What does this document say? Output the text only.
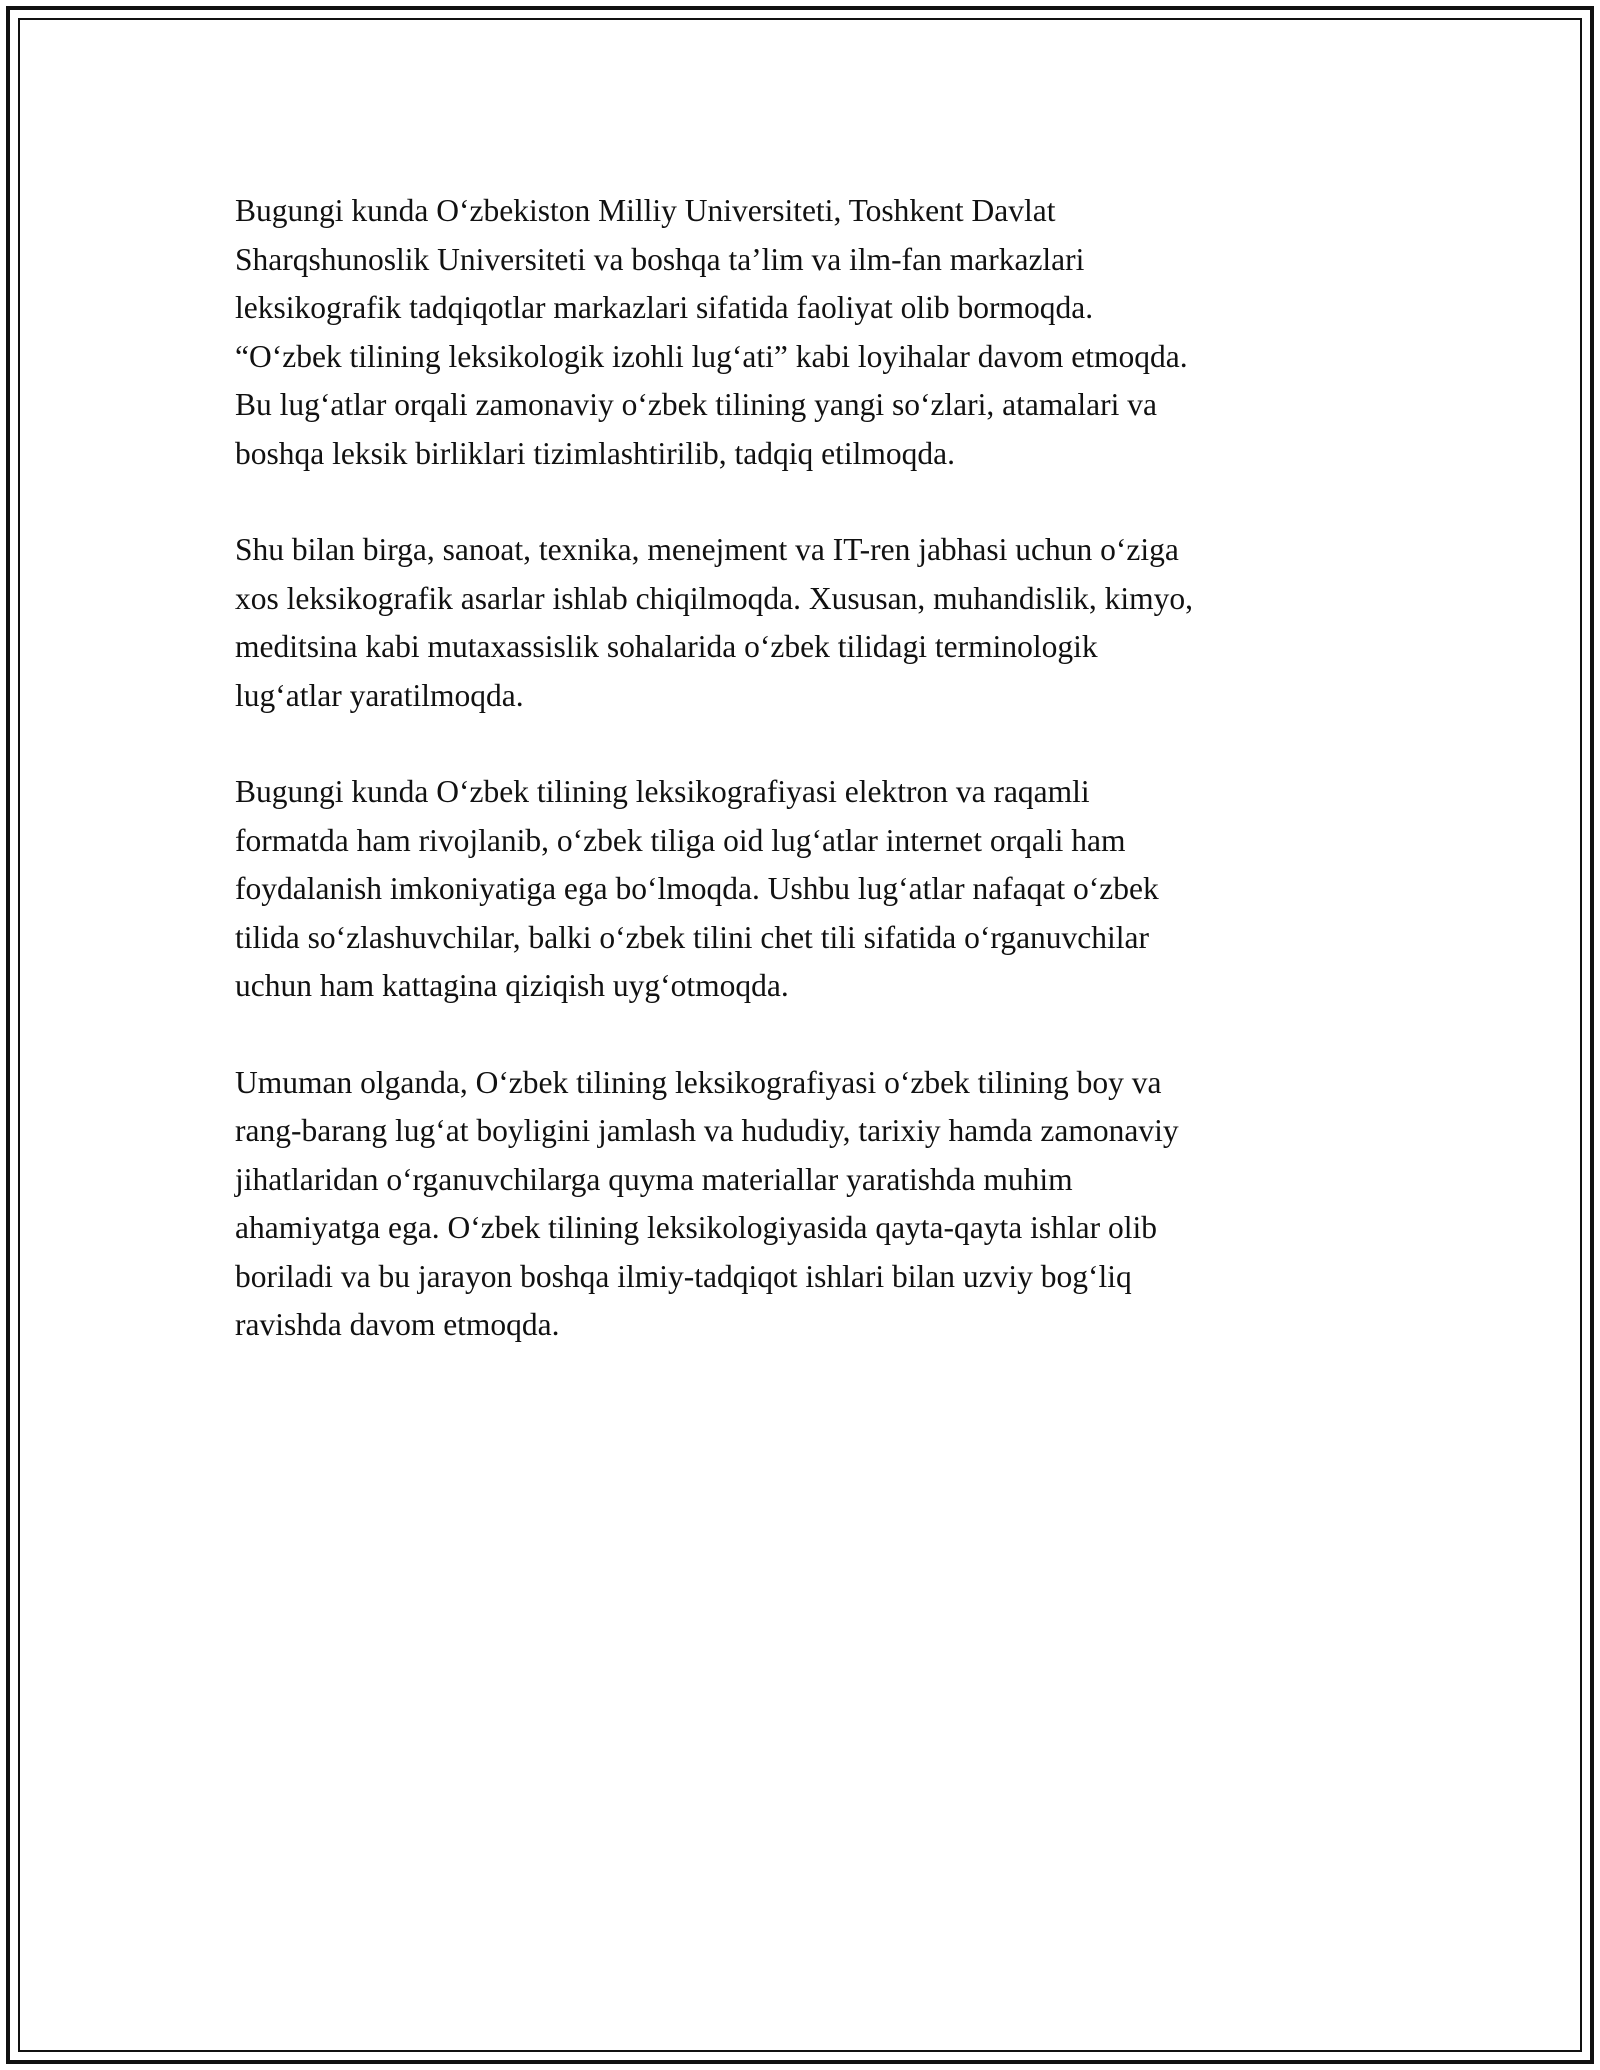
Bugungi kunda O‘zbekiston Milliy Universiteti, Toshkent Davlat
Sharqshunoslik Universiteti va boshqa ta’lim va ilm-fan markazlari
leksikografik tadqiqotlar markazlari sifatida faoliyat olib bormoqda.
“O‘zbek tilining leksikologik izohli lug‘ati” kabi loyihalar davom etmoqda.
Bu lug‘atlar orqali zamonaviy o‘zbek tilining yangi so‘zlari, atamalari va
boshqa leksik birliklari tizimlashtirilib, tadqiq etilmoqda.
Shu bilan birga, sanoat, texnika, menejment va IT-ren jabhasi uchun o‘ziga
xos leksikografik asarlar ishlab chiqilmoqda. Xususan, muhandislik, kimyo,
meditsina kabi mutaxassislik sohalarida o‘zbek tilidagi terminologik
lug‘atlar yaratilmoqda.
Bugungi kunda O‘zbek tilining leksikografiyasi elektron va raqamli
formatda ham rivojlanib, o‘zbek tiliga oid lug‘atlar internet orqali ham
foydalanish imkoniyatiga ega bo‘lmoqda. Ushbu lug‘atlar nafaqat o‘zbek
tilida so‘zlashuvchilar, balki o‘zbek tilini chet tili sifatida o‘rganuvchilar
uchun ham kattagina qiziqish uyg‘otmoqda.
Umuman olganda, O‘zbek tilining leksikografiyasi o‘zbek tilining boy va
rang-barang lug‘at boyligini jamlash va hududiy, tarixiy hamda zamonaviy
jihatlaridan o‘rganuvchilarga quyma materiallar yaratishda muhim
ahamiyatga ega. O‘zbek tilining leksikologiyasida qayta-qayta ishlar olib
boriladi va bu jarayon boshqa ilmiy-tadqiqot ishlari bilan uzviy bog‘liq
ravishda davom etmoqda.
